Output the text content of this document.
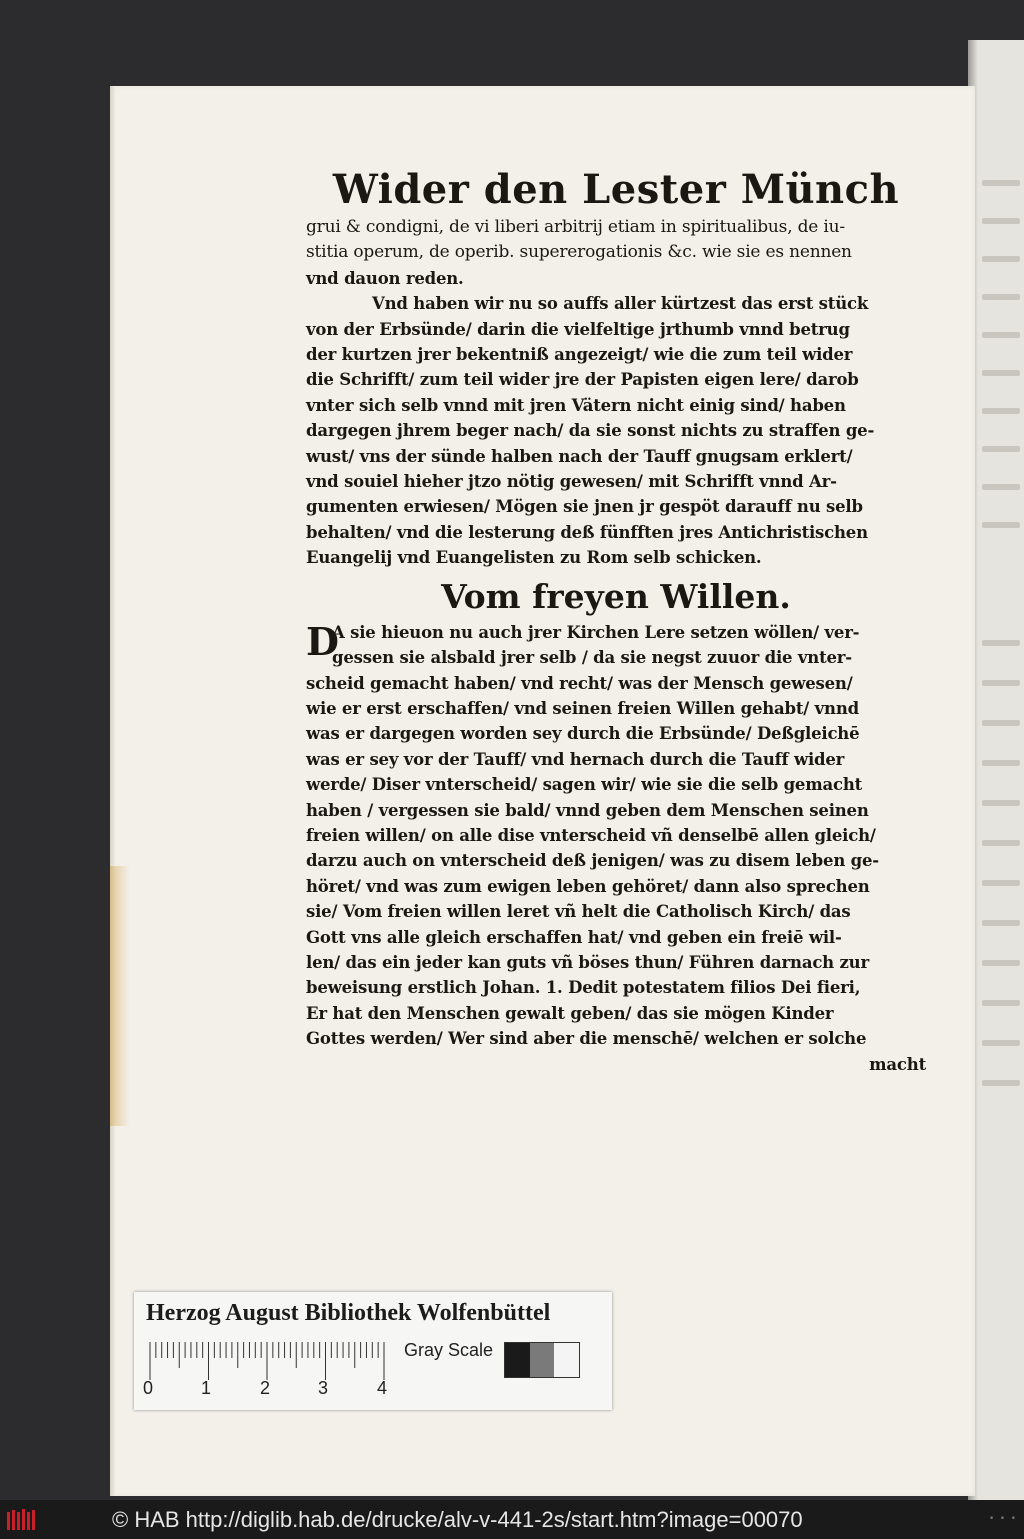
Wider den Lester Münch
grui & condigni, de vi liberi arbitrij etiam in spiritualibus, de iu-
stitia operum, de operib. supererogationis &c. wie sie es nennen
vnd dauon reden.
Vnd haben wir nu so auffs aller kürtzest das erst stück
von der Erbsünde/ darin die vielfeltige jrthumb vnnd betrug
der kurtzen jrer bekentniß angezeigt/ wie die zum teil wider
die Schrifft/ zum teil wider jre der Papisten eigen lere/ darob
vnter sich selb vnnd mit jren Vätern nicht einig sind/ haben
dargegen jhrem beger nach/ da sie sonst nichts zu straffen ge-
wust/ vns der sünde halben nach der Tauff gnugsam erklert/
vnd souiel hieher jtzo nötig gewesen/ mit Schrifft vnnd Ar-
gumenten erwiesen/ Mögen sie jnen jr gespöt darauff nu selb
behalten/ vnd die lesterung deß fünfften jres Antichristischen
Euangelij vnd Euangelisten zu Rom selb schicken.
Vom freyen Willen.
D
A sie hieuon nu auch jrer Kirchen Lere setzen wöllen/ ver-
gessen sie alsbald jrer selb / da sie negst zuuor die vnter-
scheid gemacht haben/ vnd recht/ was der Mensch gewesen/
wie er erst erschaffen/ vnd seinen freien Willen gehabt/ vnnd
was er dargegen worden sey durch die Erbsünde/ Deßgleichē
was er sey vor der Tauff/ vnd hernach durch die Tauff wider
werde/ Diser vnterscheid/ sagen wir/ wie sie die selb gemacht
haben / vergessen sie bald/ vnnd geben dem Menschen seinen
freien willen/ on alle dise vnterscheid vñ denselbē allen gleich/
darzu auch on vnterscheid deß jenigen/ was zu disem leben ge-
höret/ vnd was zum ewigen leben gehöret/ dann also sprechen
sie/ Vom freien willen leret vñ helt die Catholisch Kirch/ das
Gott vns alle gleich erschaffen hat/ vnd geben ein freiē wil-
len/ das ein jeder kan guts vñ böses thun/ Führen darnach zur
beweisung erstlich Johan. 1. Dedit potestatem filios Dei fieri,
Er hat den Menschen gewalt geben/ das sie mögen Kinder
Gottes werden/ Wer sind aber die menschē/ welchen er solche
macht
Herzog August Bibliothek Wolfenbüttel
0	1	2	3	4
Gray Scale
© HAB http://diglib.hab.de/drucke/alv-v-441-2s/start.htm?image=00070	• • •
